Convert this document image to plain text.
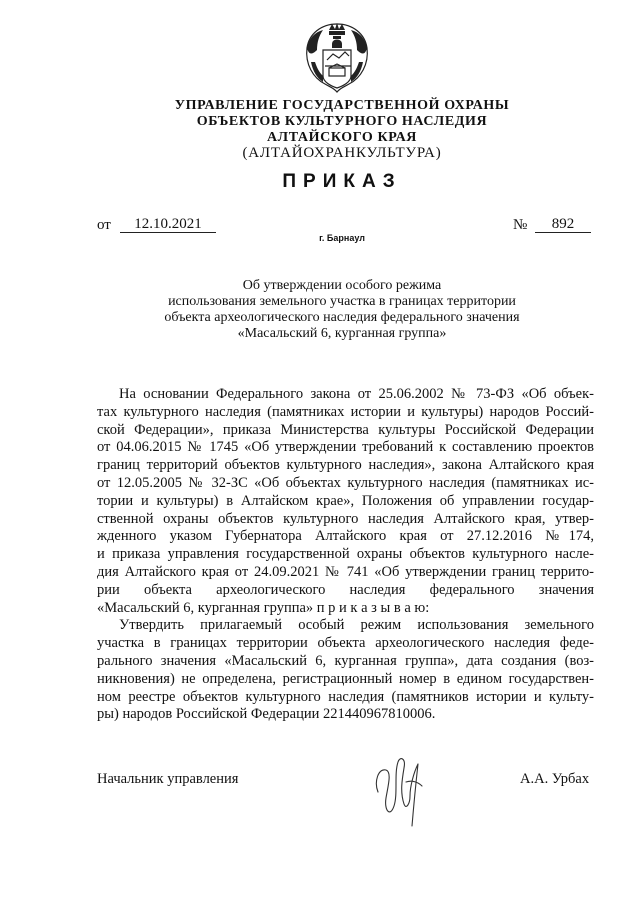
УПРАВЛЕНИЕ ГОСУДАРСТВЕННОЙ ОХРАНЫ
ОБЪЕКТОВ КУЛЬТУРНОГО НАСЛЕДИЯ
АЛТАЙСКОГО КРАЯ
(АЛТАЙОХРАНКУЛЬТУРА)
ПРИКАЗ
от	12.10.2021	№	892
г. Барнаул
Об утверждении особого режима
использования земельного участка в границах территории
объекта археологического наследия федерального значения
«Масальский 6, курганная группа»
На основании Федерального закона от 25.06.2002 № 73-ФЗ «Об объек-
тах культурного наследия (памятниках истории и культуры) народов Россий-
ской Федерации», приказа Министерства культуры Российской Федерации
от 04.06.2015 № 1745 «Об утверждении требований к составлению проектов
границ территорий объектов культурного наследия», закона Алтайского края
от 12.05.2005 № 32-ЗС «Об объектах культурного наследия (памятниках ис-
тории и культуры) в Алтайском крае», Положения об управлении государ-
ственной охраны объектов культурного наследия Алтайского края, утвер-
жденного указом Губернатора Алтайского края от 27.12.2016 №174,
и приказа управления государственной охраны объектов культурного насле-
дия Алтайского края от 24.09.2021 № 741 «Об утверждении границ террито-
рии объекта археологического наследия федерального значения
«Масальский 6, курганная группа» п р и к а з ы в а ю:
Утвердить прилагаемый особый режим использования земельного
участка в границах территории объекта археологического наследия феде-
рального значения «Масальский 6, курганная группа», дата создания (воз-
никновения) не определена, регистрационный номер в едином государствен-
ном реестре объектов культурного наследия (памятников истории и культу-
ры) народов Российской Федерации 221440967810006.
Начальник управления	А.А. Урбах
